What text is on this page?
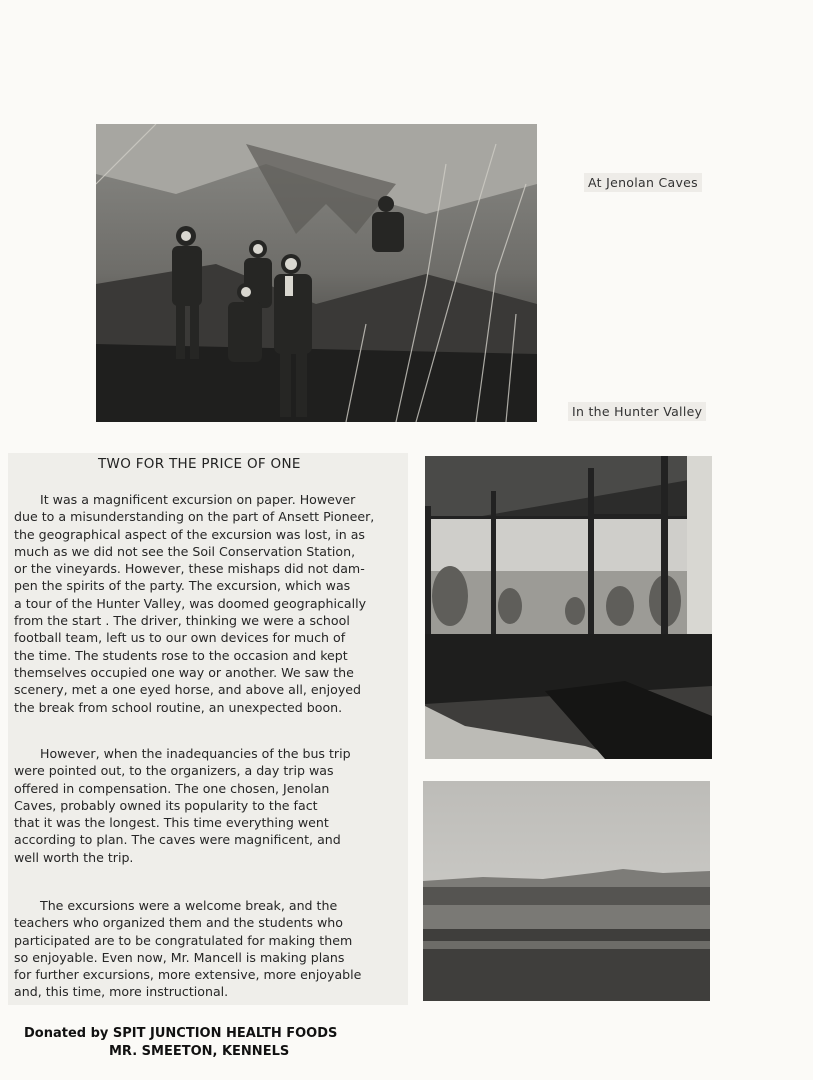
At Jenolan Caves
In the Hunter Valley
TWO FOR THE PRICE OF ONE

It was a magnificent excursion on paper. However
due to a misunderstanding on the part of Ansett Pioneer,
the geographical aspect of the excursion was lost, in as
much as we did not see the Soil Conservation Station,
or the vineyards. However, these mishaps did not dam-
pen the spirits of the party. The excursion, which was
a tour of the Hunter Valley, was doomed geographically
from the start . The driver, thinking we were a school
football team, left us to our own devices for much of
the time. The students rose to the occasion and kept
themselves occupied one way or another. We saw the
scenery, met a one eyed horse, and above all, enjoyed
the break from school routine, an unexpected boon.

However, when the inadequancies of the bus trip
were pointed out, to the organizers, a day trip was
offered in compensation. The one chosen, Jenolan
Caves, probably owned its popularity to the fact
that it was the longest. This time everything went
according to plan. The caves were magnificent, and
well worth the trip.

The excursions were a welcome break, and the
teachers who organized them and the students who
participated are to be congratulated for making them
so enjoyable. Even now, Mr. Mancell is making plans
for further excursions, more extensive, more enjoyable
and, this time, more instructional.

Donated by SPIT JUNCTION HEALTH FOODS
MR. SMEETON, KENNELS
